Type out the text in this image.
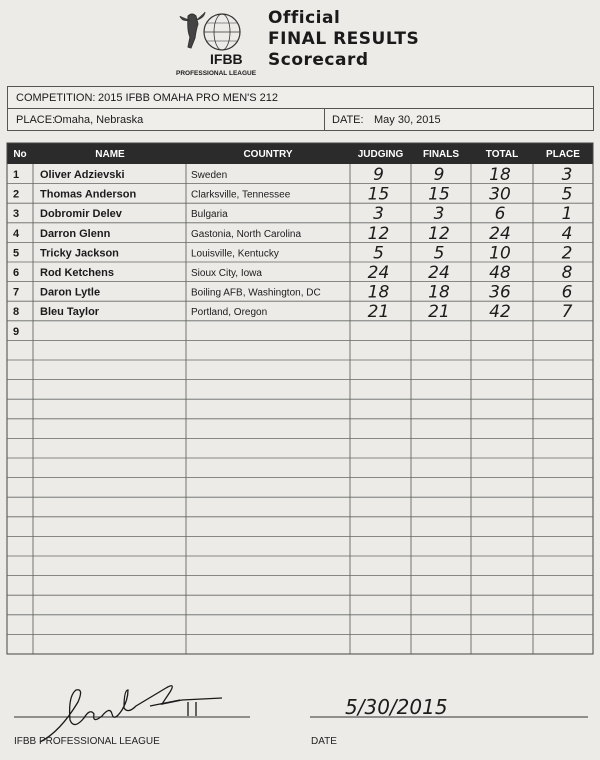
IFBB
PROFESSIONAL LEAGUE
Official
FINAL RESULTS
Scorecard
COMPETITION: 2015 IFBB OMAHA PRO MEN'S 212
PLACE:
Omaha, Nebraska	DATE: May 30, 2015
No	NAME	COUNTRY	JUDGING FINALS	TOTAL	PLACE
1 Oliver Adzievski	Sweden	9	9	18	3
2 Thomas Anderson	Clarksville, Tennessee	15 15 30	5
3 Dobromir Delev	Bulgaria	3	3	6	1
4 Darron Glenn	Gastonia, North Carolina	12 12 24	4
5 Tricky Jackson	Louisville, Kentucky	5	5	10	2
6 Rod Ketchens	Sioux City, Iowa	24 24 48	8
7 Daron Lytle	Boiling AFB, Washington, DC	18 18 36	6
8 Bleu Taylor	Portland, Oregon	21 21 42	7
9
5/30/2015
IFBB PROFESSIONAL LEAGUE	DATE
